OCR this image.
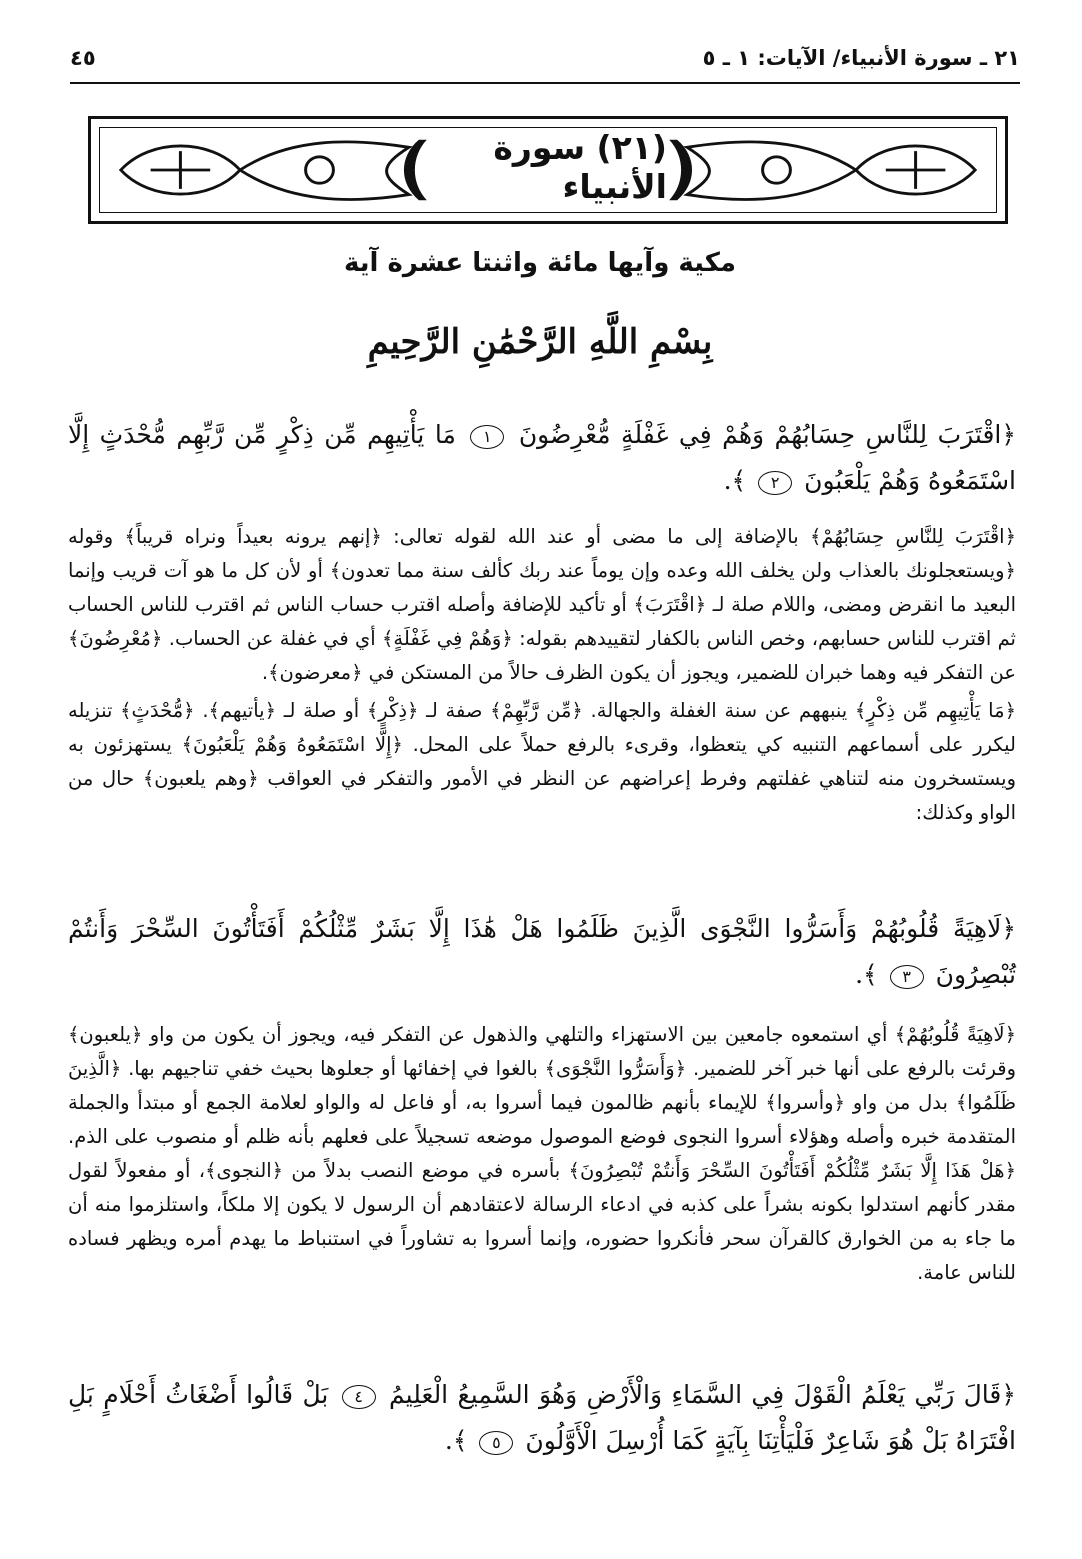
٤٥	٢١ ـ سورة الأنبياء/ الآيات: ١ ـ ٥
(٢١) سورة الأنبياء
مكية وآيها مائة واثنتا عشرة آية
بِسْمِ اللَّهِ الرَّحْمَٰنِ الرَّحِيمِ
﴿اقْتَرَبَ لِلنَّاسِ حِسَابُهُمْ وَهُمْ فِي غَفْلَةٍ مُّعْرِضُونَ ١ مَا يَأْتِيهِم مِّن ذِكْرٍ مِّن رَّبِّهِم مُّحْدَثٍ إِلَّا اسْتَمَعُوهُ وَهُمْ يَلْعَبُونَ ٢ ﴾.

﴿اقْتَرَبَ لِلنَّاسِ حِسَابُهُمْ﴾ بالإضافة إلى ما مضى أو عند الله لقوله تعالى: ﴿إنهم يرونه بعيداً ونراه قريباً﴾ وقوله ﴿ويستعجلونك بالعذاب ولن يخلف الله وعده وإن يوماً عند ربك كألف سنة مما تعدون﴾ أو لأن كل ما هو آت قريب وإنما البعيد ما انقرض ومضى، واللام صلة لـ ﴿اقْتَرَبَ﴾ أو تأكيد للإضافة وأصله اقترب حساب الناس ثم اقترب للناس الحساب ثم اقترب للناس حسابهم، وخص الناس بالكفار لتقييدهم بقوله: ﴿وَهُمْ فِي غَفْلَةٍ﴾ أي في غفلة عن الحساب. ﴿مُعْرِضُونَ﴾ عن التفكر فيه وهما خبران للضمير، ويجوز أن يكون الظرف حالاً من المستكن في ﴿معرضون﴾.

﴿مَا يَأْتِيهِم مِّن ذِكْرٍ﴾ ينبههم عن سنة الغفلة والجهالة. ﴿مِّن رَّبِّهِمْ﴾ صفة لـ ﴿ذِكْرٍ﴾ أو صلة لـ ﴿يأتيهم﴾. ﴿مُّحْدَثٍ﴾ تنزيله ليكرر على أسماعهم التنبيه كي يتعظوا، وقرىء بالرفع حملاً على المحل. ﴿إِلَّا اسْتَمَعُوهُ وَهُمْ يَلْعَبُونَ﴾ يستهزئون به ويستسخرون منه لتناهي غفلتهم وفرط إعراضهم عن النظر في الأمور والتفكر في العواقب ﴿وهم يلعبون﴾ حال من الواو وكذلك:

﴿لَاهِيَةً قُلُوبُهُمْ وَأَسَرُّوا النَّجْوَى الَّذِينَ ظَلَمُوا هَلْ هَٰذَا إِلَّا بَشَرٌ مِّثْلُكُمْ أَفَتَأْتُونَ السِّحْرَ وَأَنتُمْ تُبْصِرُونَ ٣ ﴾.

﴿لَاهِيَةً قُلُوبُهُمْ﴾ أي استمعوه جامعين بين الاستهزاء والتلهي والذهول عن التفكر فيه، ويجوز أن يكون من واو ﴿يلعبون﴾ وقرئت بالرفع على أنها خبر آخر للضمير. ﴿وَأَسَرُّوا النَّجْوَى﴾ بالغوا في إخفائها أو جعلوها بحيث خفي تناجيهم بها. ﴿الَّذِينَ ظَلَمُوا﴾ بدل من واو ﴿وأسروا﴾ للإيماء بأنهم ظالمون فيما أسروا به، أو فاعل له والواو لعلامة الجمع أو مبتدأ والجملة المتقدمة خبره وأصله وهؤلاء أسروا النجوى فوضع الموصول موضعه تسجيلاً على فعلهم بأنه ظلم أو منصوب على الذم. ﴿هَلْ هَذَا إِلَّا بَشَرٌ مِّثْلُكُمْ أَفَتَأْتُونَ السِّحْرَ وَأَنتُمْ تُبْصِرُونَ﴾ بأسره في موضع النصب بدلاً من ﴿النجوى﴾، أو مفعولاً لقول مقدر كأنهم استدلوا بكونه بشراً على كذبه في ادعاء الرسالة لاعتقادهم أن الرسول لا يكون إلا ملكاً، واستلزموا منه أن ما جاء به من الخوارق كالقرآن سحر فأنكروا حضوره، وإنما أسروا به تشاوراً في استنباط ما يهدم أمره ويظهر فساده للناس عامة.

﴿قَالَ رَبِّي يَعْلَمُ الْقَوْلَ فِي السَّمَاءِ وَالْأَرْضِ وَهُوَ السَّمِيعُ الْعَلِيمُ ٤ بَلْ قَالُوا أَضْغَاثُ أَحْلَامٍ بَلِ افْتَرَاهُ بَلْ هُوَ شَاعِرٌ فَلْيَأْتِنَا بِآيَةٍ كَمَا أُرْسِلَ الْأَوَّلُونَ ٥ ﴾.
